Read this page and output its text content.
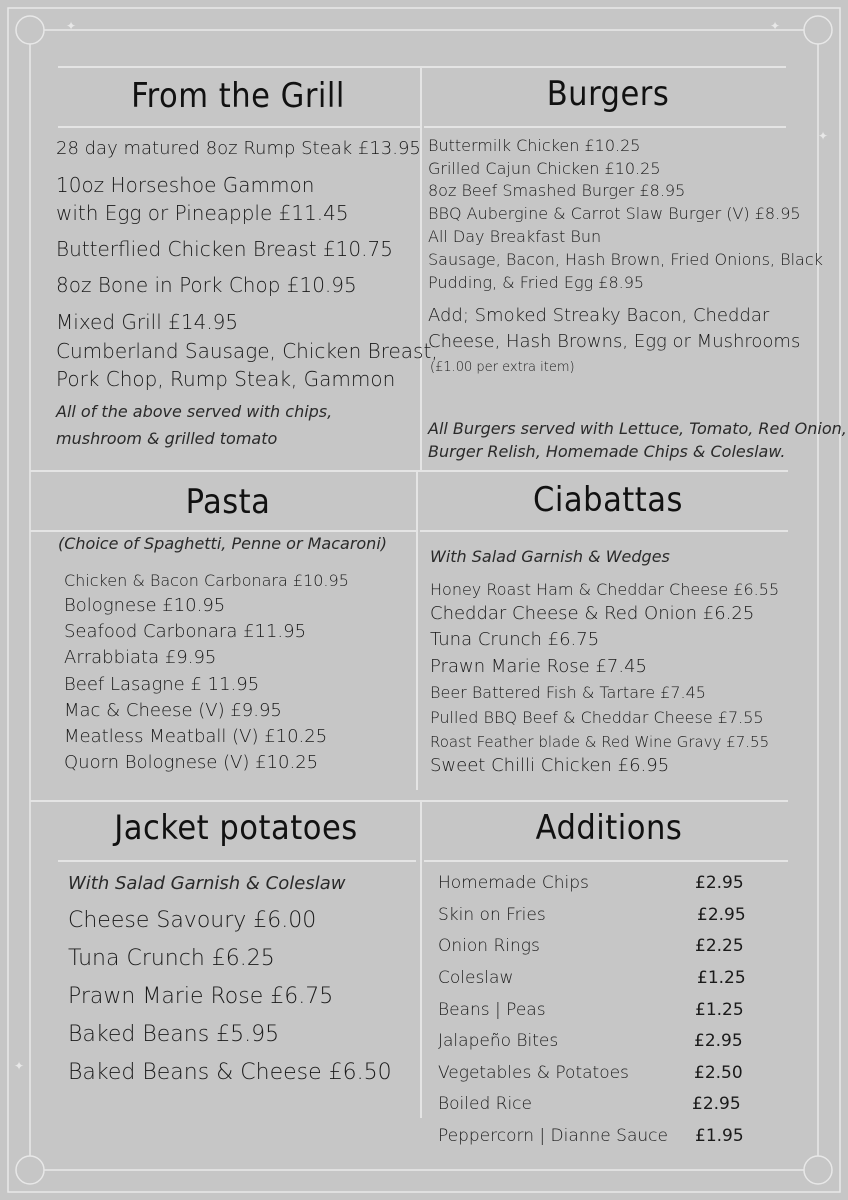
✦	✦
✦
✦
From the Grill
28 day matured 8oz Rump Steak £13.95
10oz Horseshoe Gammon
with Egg or Pineapple £11.45
Butterflied Chicken Breast £10.75
8oz Bone in Pork Chop £10.95
Mixed Grill £14.95
Cumberland Sausage, Chicken Breast,
Pork Chop, Rump Steak, Gammon
All of the above served with chips,
mushroom & grilled tomato
Burgers
Buttermilk Chicken £10.25
Grilled Cajun Chicken £10.25
8oz Beef Smashed Burger £8.95
BBQ Aubergine & Carrot Slaw Burger (V) £8.95
All Day Breakfast Bun
Sausage, Bacon, Hash Brown, Fried Onions, Black
Pudding, & Fried Egg £8.95
Add; Smoked Streaky Bacon, Cheddar
Cheese, Hash Browns, Egg or Mushrooms
(£1.00 per extra item)
All Burgers served with Lettuce, Tomato, Red Onion,
Burger Relish, Homemade Chips & Coleslaw.
Pasta
(Choice of Spaghetti, Penne or Macaroni)
Chicken & Bacon Carbonara £10.95
Bolognese £10.95
Seafood Carbonara £11.95
Arrabbiata £9.95
Beef Lasagne £ 11.95
Mac & Cheese (V) £9.95
Meatless Meatball (V) £10.25
Quorn Bolognese (V) £10.25
Ciabattas
With Salad Garnish & Wedges
Honey Roast Ham & Cheddar Cheese £6.55
Cheddar Cheese & Red Onion £6.25
Tuna Crunch £6.75
Prawn Marie Rose £7.45
Beer Battered Fish & Tartare £7.45
Pulled BBQ Beef & Cheddar Cheese £7.55
Roast Feather blade & Red Wine Gravy £7.55
Sweet Chilli Chicken £6.95
Jacket potatoes
With Salad Garnish & Coleslaw
Cheese Savoury £6.00
Tuna Crunch £6.25
Prawn Marie Rose £6.75
Baked Beans £5.95
Baked Beans & Cheese £6.50
Additions
Homemade Chips	£2.95
Skin on Fries	£2.95
Onion Rings	£2.25
Coleslaw	£1.25
Beans | Peas	£1.25
Jalapeño Bites	£2.95
Vegetables & Potatoes	£2.50
Boiled Rice	£2.95
Peppercorn | Dianne Sauce £1.95
